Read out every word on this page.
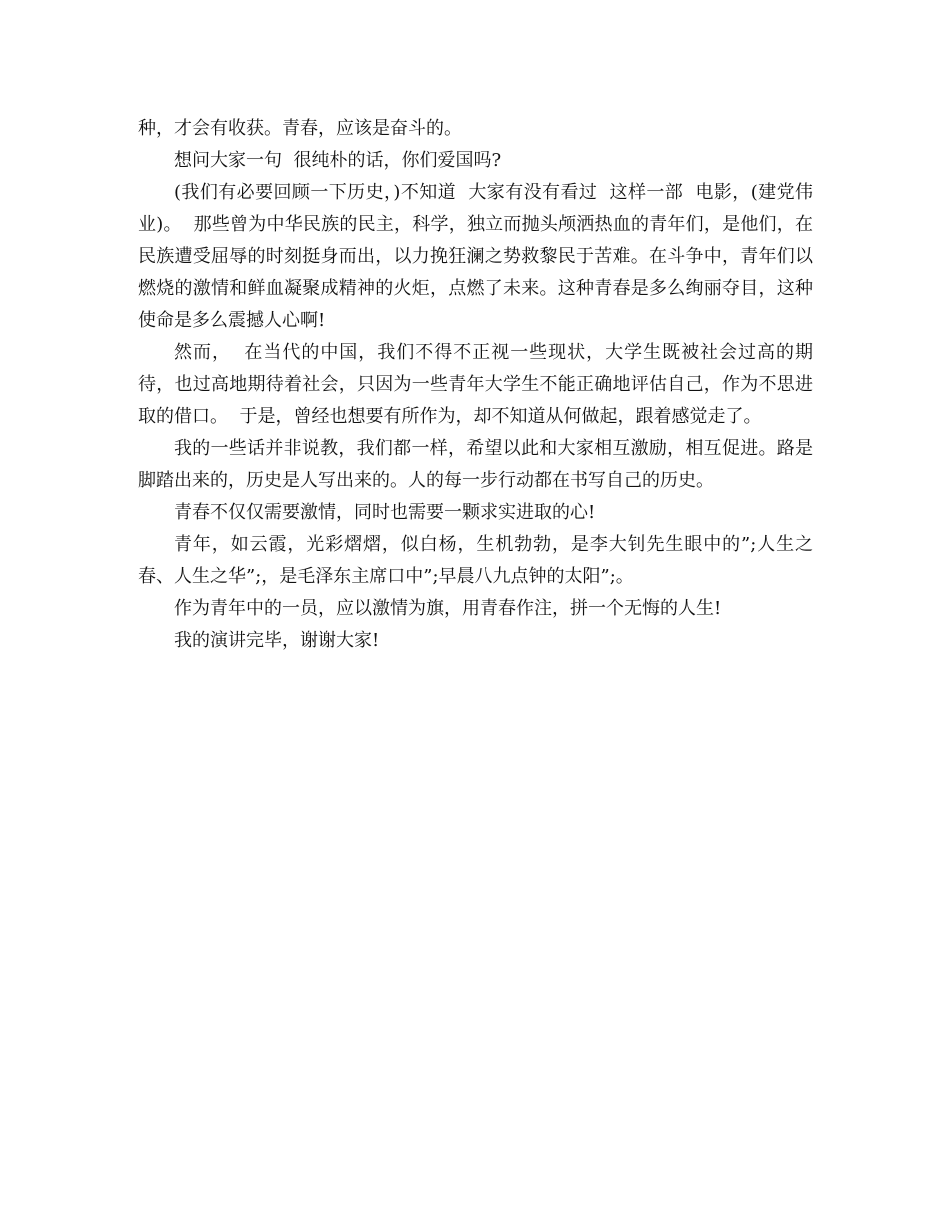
种，才会有收获。青春，应该是奋斗的。

想问大家一句  很纯朴的话，你们爱国吗?

(我们有必要回顾一下历史，)不知道  大家有没有看过  这样一部  电影，(建党伟业)。  那些曾为中华民族的民主，科学，独立而抛头颅洒热血的青年们，是他们，在民族遭受屈辱的时刻挺身而出，以力挽狂澜之势救黎民于苦难。在斗争中，青年们以燃烧的激情和鲜血凝聚成精神的火炬，点燃了未来。这种青春是多么绚丽夺目，这种使命是多么震撼人心啊!

然而，  在当代的中国，我们不得不正视一些现状，大学生既被社会过高的期待，也过高地期待着社会，只因为一些青年大学生不能正确地评估自己，作为不思进取的借口。  于是，曾经也想要有所作为，却不知道从何做起，跟着感觉走了。

我的一些话并非说教，我们都一样，希望以此和大家相互激励，相互促进。路是脚踏出来的，历史是人写出来的。人的每一步行动都在书写自己的历史。

青春不仅仅需要激情，同时也需要一颗求实进取的心!

青年，如云霞，光彩熠熠，似白杨，生机勃勃，是李大钊先生眼中的”;人生之春、人生之华”;，是毛泽东主席口中”;早晨八九点钟的太阳”;。

作为青年中的一员，应以激情为旗，用青春作注，拼一个无悔的人生!

我的演讲完毕，谢谢大家!
